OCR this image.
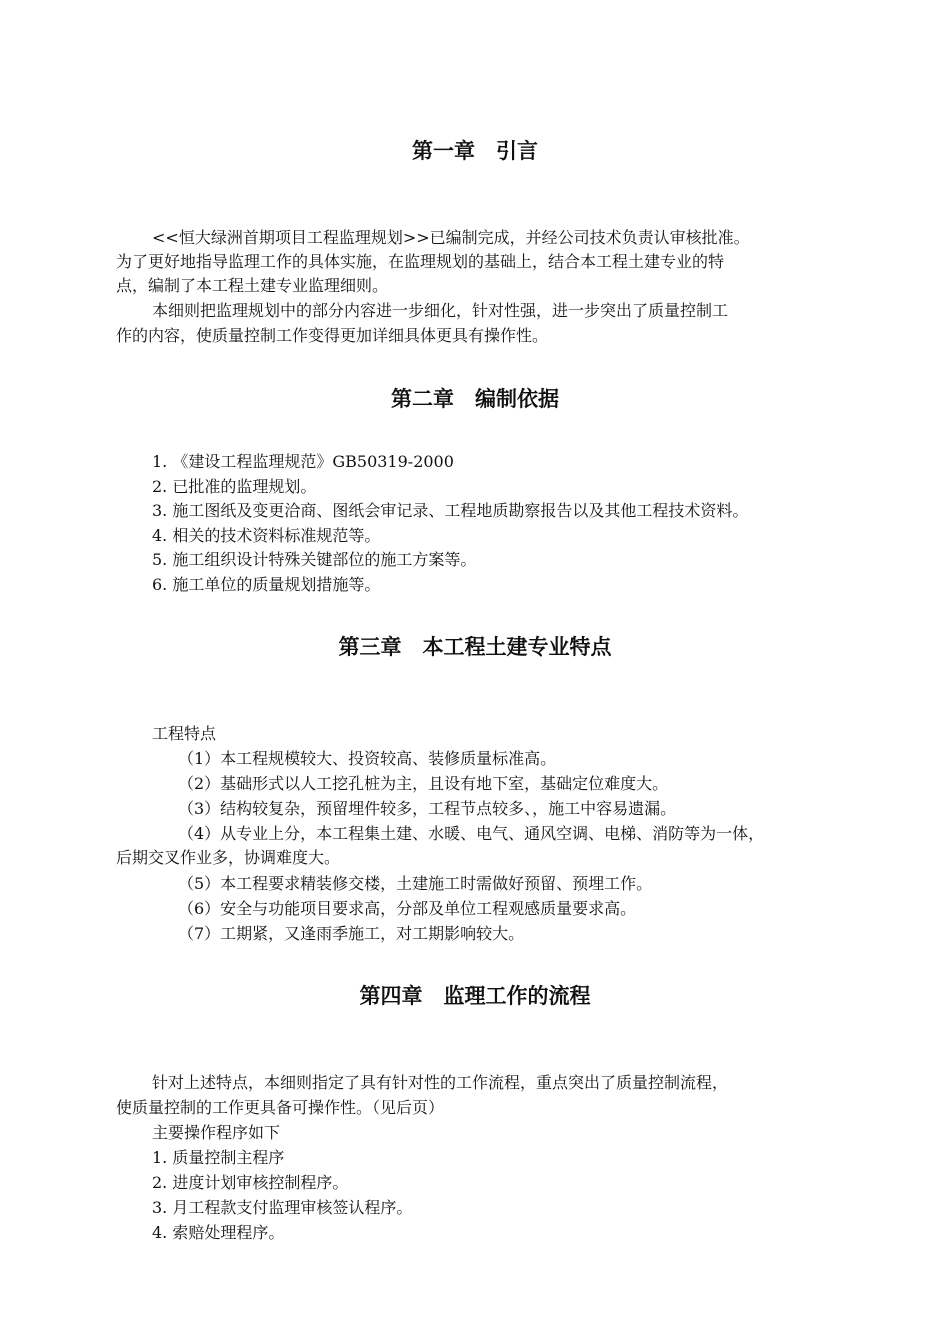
第一章　引言
<<恒大绿洲首期项目工程监理规划>>已编制完成，并经公司技术负责认审核批准。
为了更好地指导监理工作的具体实施，在监理规划的基础上，结合本工程土建专业的特
点，编制了本工程土建专业监理细则。
本细则把监理规划中的部分内容进一步细化，针对性强，进一步突出了质量控制工
作的内容，使质量控制工作变得更加详细具体更具有操作性。
第二章　编制依据
1. 《建设工程监理规范》GB50319-2000
2. 已批准的监理规划。
3. 施工图纸及变更洽商、图纸会审记录、工程地质勘察报告以及其他工程技术资料。
4. 相关的技术资料标准规范等。
5. 施工组织设计特殊关键部位的施工方案等。
6. 施工单位的质量规划措施等。
第三章　本工程土建专业特点
工程特点
（1）本工程规模较大、投资较高、装修质量标准高。
（2）基础形式以人工挖孔桩为主，且设有地下室，基础定位难度大。
（3）结构较复杂，预留埋件较多，工程节点较多、，施工中容易遗漏。
（4）从专业上分，本工程集土建、水暖、电气、通风空调、电梯、消防等为一体，
后期交叉作业多，协调难度大。
（5）本工程要求精装修交楼，土建施工时需做好预留、预埋工作。
（6）安全与功能项目要求高，分部及单位工程观感质量要求高。
（7）工期紧，又逢雨季施工，对工期影响较大。
第四章　监理工作的流程
针对上述特点，本细则指定了具有针对性的工作流程，重点突出了质量控制流程，
使质量控制的工作更具备可操作性。（见后页）
主要操作程序如下
1. 质量控制主程序
2. 进度计划审核控制程序。
3. 月工程款支付监理审核签认程序。
4. 索赔处理程序。
